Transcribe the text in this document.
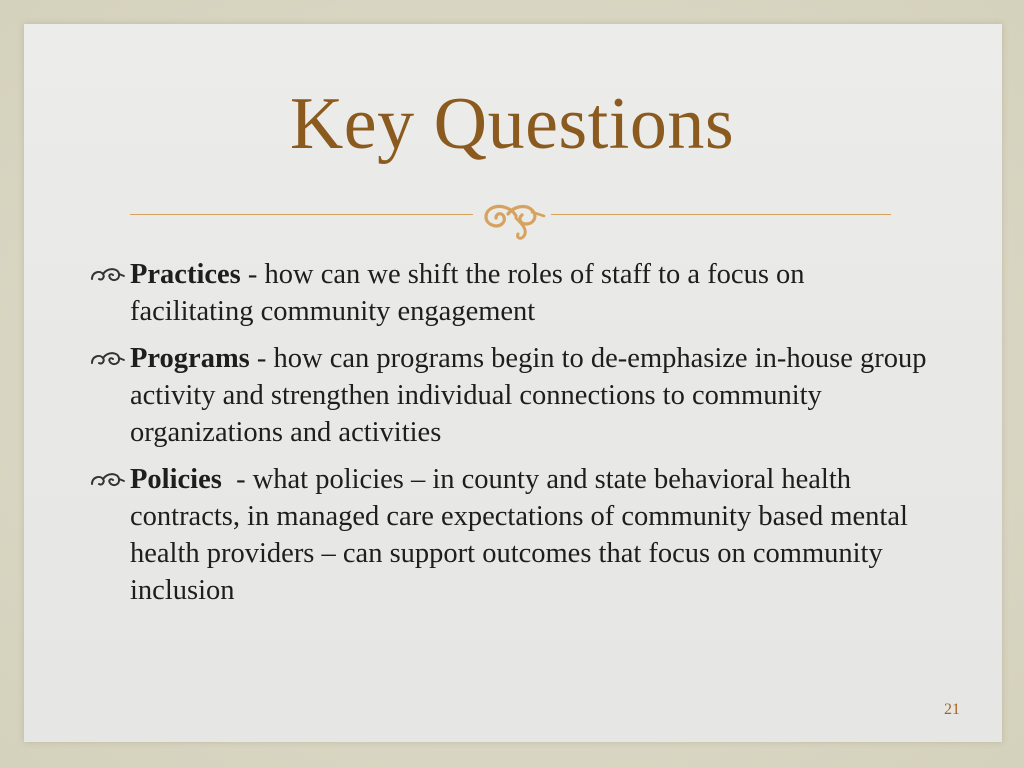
Key Questions
Practices - how can we shift the roles of staff to a focus on facilitating community engagement
Programs - how can programs begin to de-emphasize in-house group activity and strengthen individual connections to community organizations and activities
Policies  - what policies – in county and state behavioral health contracts, in managed care expectations of community based mental health providers – can support outcomes that focus on community inclusion
21
